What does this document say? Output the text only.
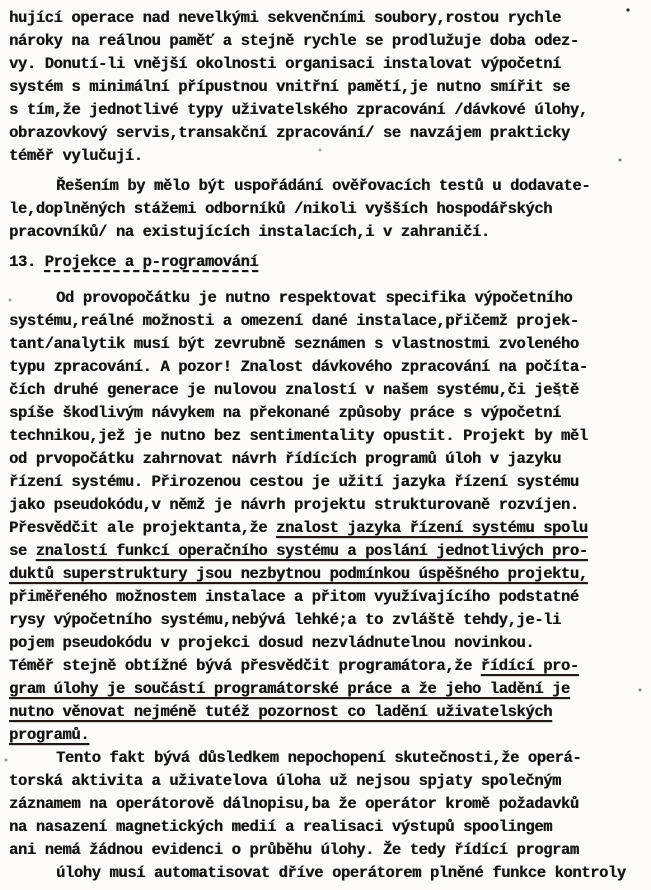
hující operace nad nevelkými sekvenčními soubory,rostou rychle
nároky na reálnou paměť a stejně rychle se prodlužuje doba odez-
vy. Donutí-li vnější okolnosti organisaci instalovat výpočetní
systém s minimální přípustnou vnitřní pamětí,je nutno smířit se
s tím,že jednotlivé typy uživatelského zpracování /dávkové úlohy,
obrazovkový servis,transakční zpracování/ se navzájem prakticky
téměř vylučují.
Řešením by mělo být uspořádání ověřovacích testů u dodavate-
le,doplněných stážemi odborníků /nikoli vyšších hospodářských
pracovníků/ na existujících instalacích,i v zahraničí.
13. Projekce a p-rogramování
Od provopočátku je nutno respektovat specifika výpočetního
systému,reálné možnosti a omezení dané instalace,přičemž projek-
tant/analytik musí být zevrubně seznámen s vlastnostmi zvoleného
typu zpracování. A pozor! Znalost dávkového zpracování na počíta-
čích druhé generace je nulovou znalostí v našem systému,či ještě
spíše škodlivým návykem na překonané způsoby práce s výpočetní
technikou,jež je nutno bez sentimentality opustit. Projekt by měl
od prvopočátku zahrnovat návrh řídících programů úloh v jazyku
řízení systému. Přirozenou cestou je užití jazyka řízení systému
jako pseudokódu,v němž je návrh projektu strukturovaně rozvíjen.
Přesvědčit ale projektanta,že znalost jazyka řízení systému spolu
se znalostí funkcí operačního systému a poslání jednotlivých pro-
duktů superstruktury jsou nezbytnou podmínkou úspěšného projektu,
přiměřeného možnostem instalace a přitom využívajícího podstatné
rysy výpočetního systému,nebývá lehké;a to zvláště tehdy,je-li
pojem pseudokódu v projekci dosud nezvládnutelnou novinkou.
Téměř stejně obtížné bývá přesvědčit programátora,že řídící pro-
gram úlohy je součástí programátorské práce a že jeho ladění je
nutno věnovat nejméně tutéž pozornost co ladění uživatelských
programů.
Tento fakt bývá důsledkem nepochopení skutečnosti,že operá-
torská aktivita a uživatelova úloha už nejsou spjaty společným
záznamem na operátorově dálnopisu,ba že operátor kromě požadavků
na nasazení magnetických medií a realisaci výstupů spoolingem
ani nemá žádnou evidenci o průběhu úlohy. Že tedy řídící program
úlohy musí automatisovat dříve operátorem plněné funkce kontroly
